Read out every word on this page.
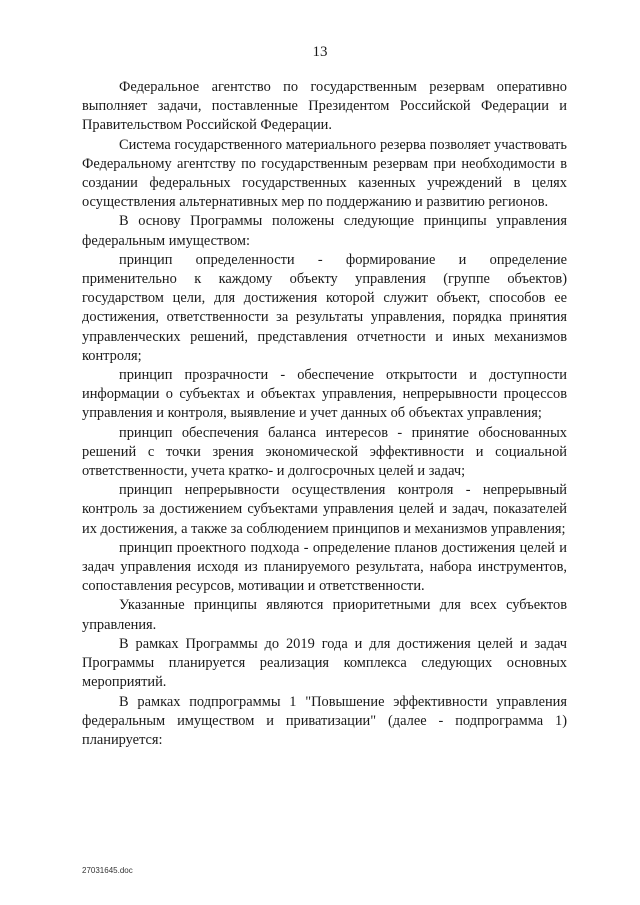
13

Федеральное агентство по государственным резервам оперативно выполняет задачи, поставленные Президентом Российской Федерации и Правительством Российской Федерации.

Система государственного материального резерва позволяет участвовать Федеральному агентству по государственным резервам при необходимости в создании федеральных государственных казенных учреждений в целях осуществления альтернативных мер по поддержанию и развитию регионов.

В основу Программы положены следующие принципы управления федеральным имуществом:

принцип определенности - формирование и определение применительно к каждому объекту управления (группе объектов) государством цели, для достижения которой служит объект, способов ее достижения, ответственности за результаты управления, порядка принятия управленческих решений, представления отчетности и иных механизмов контроля;

принцип прозрачности - обеспечение открытости и доступности информации о субъектах и объектах управления, непрерывности процессов управления и контроля, выявление и учет данных об объектах управления;

принцип обеспечения баланса интересов - принятие обоснованных решений с точки зрения экономической эффективности и социальной ответственности, учета кратко- и долгосрочных целей и задач;

принцип непрерывности осуществления контроля - непрерывный контроль за достижением субъектами управления целей и задач, показателей их достижения, а также за соблюдением принципов и механизмов управления;

принцип проектного подхода - определение планов достижения целей и задач управления исходя из планируемого результата, набора инструментов, сопоставления ресурсов, мотивации и ответственности.

Указанные принципы являются приоритетными для всех субъектов управления.

В рамках Программы до 2019 года и для достижения целей и задач Программы планируется реализация комплекса следующих основных мероприятий.

В рамках подпрограммы 1 "Повышение эффективности управления федеральным имуществом и приватизации" (далее - подпрограмма 1) планируется:

27031645.doc
